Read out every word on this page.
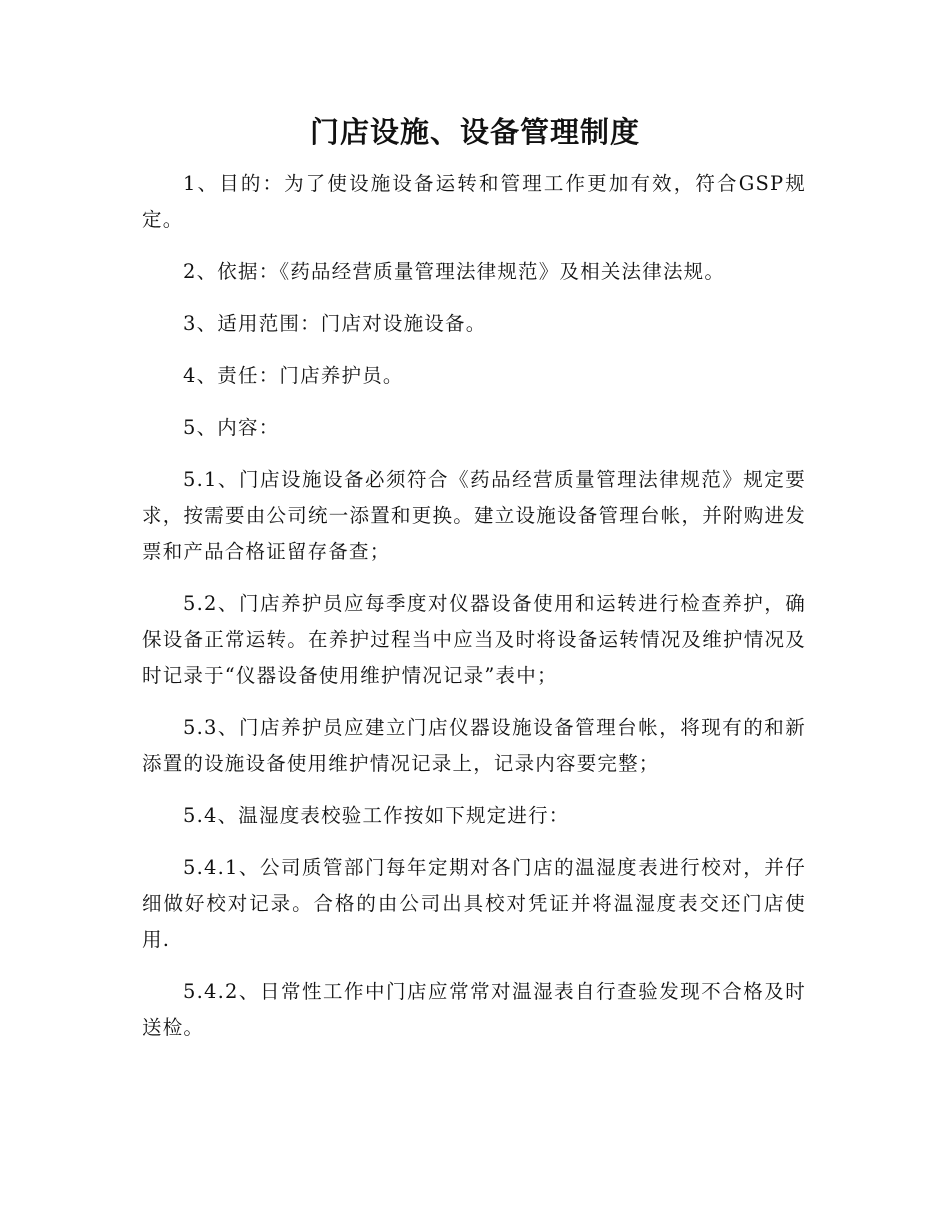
门店设施、设备管理制度

1、目的：为了使设施设备运转和管理工作更加有效，符合GSP规定。

2、依据：《药品经营质量管理法律规范》及相关法律法规。

3、适用范围：门店对设施设备。

4、责任：门店养护员。

5、内容：

5.1、门店设施设备必须符合《药品经营质量管理法律规范》规定要求，按需要由公司统一添置和更换。建立设施设备管理台帐，并附购进发票和产品合格证留存备查；

5.2、门店养护员应每季度对仪器设备使用和运转进行检查养护，确保设备正常运转。在养护过程当中应当及时将设备运转情况及维护情况及时记录于“仪器设备使用维护情况记录”表中；

5.3、门店养护员应建立门店仪器设施设备管理台帐，将现有的和新添置的设施设备使用维护情况记录上，记录内容要完整；

5.4、温湿度表校验工作按如下规定进行：

5.4.1、公司质管部门每年定期对各门店的温湿度表进行校对，并仔细做好校对记录。合格的由公司出具校对凭证并将温湿度表交还门店使用.

5.4.2、日常性工作中门店应常常对温湿表自行查验发现不合格及时送检。
